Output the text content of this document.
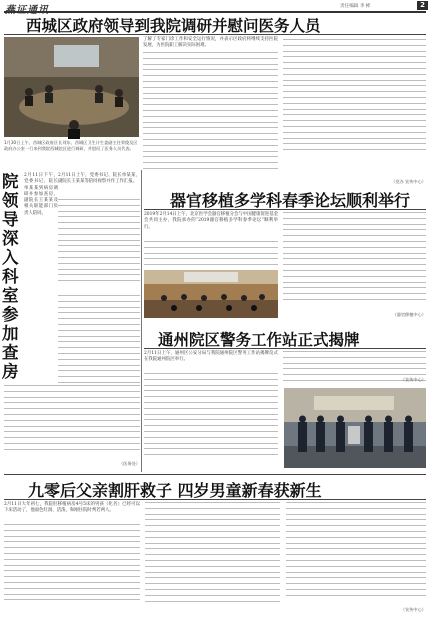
责任编辑 李 彬	2
西城区政府领导到我院调研并慰问医务人员
1月30日上午，西城区政府区长刘东、西城区卫生计生委副主任荣俊及区政府办公室一行来到我院西城院区进行调研，并慰问了医务人员代表。
2月11日上午，党委书记、院长单某某，副院长王某某等陪同视察并作工作汇报。
了解了专家门诊工作和安全运行情况，并表示区政府将继续支持医院发展，为医院职工解决实际困难。
（党办 宣传中心）
院领导深入科室参加查房
2月11日下午，党委书记、院长单某某到病房调研并参加查房，副院长王某某及相关职能部门负责人陪同。
（医务处）
器官移植多学科春季论坛顺利举行
2019年2月14日上午，北京医学会器官移植分会与中国健康促进基金会共同主办，我院承办的“2019器官移植多学科春季论坛”顺利举行。
（器官移植中心）
通州院区警务工作站正式揭牌
2月11日上午，通州区公安分局与我院通州院区警务工作站揭牌仪式在我院通州院区举行。
（宣传中心）
九零后父亲割肝救子 四岁男童新春获新生
2月11日大年初七，我院肝移植病房4号5床的男孩（化名）已经可以下床活动了，他面色红润、活泼，和刚住院时判若两人。
（宣传中心）
